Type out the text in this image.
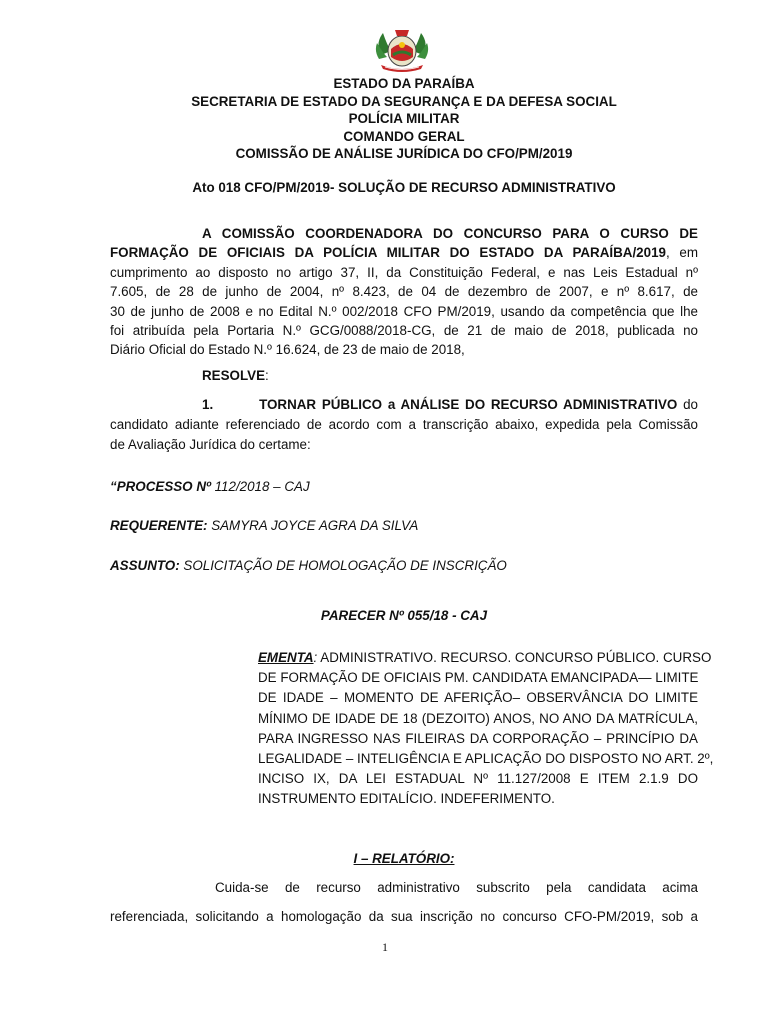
ESTADO DA PARAÍBA
SECRETARIA DE ESTADO DA SEGURANÇA E DA DEFESA SOCIAL
POLÍCIA MILITAR
COMANDO GERAL
COMISSÃO DE ANÁLISE JURÍDICA DO CFO/PM/2019
Ato 018 CFO/PM/2019- SOLUÇÃO DE RECURSO ADMINISTRATIVO
A COMISSÃO COORDENADORA DO CONCURSO PARA O CURSO DE
FORMAÇÃO DE OFICIAIS DA POLÍCIA MILITAR DO ESTADO DA PARAÍBA/2019, em
cumprimento ao disposto no artigo 37, II, da Constituição Federal, e nas Leis Estadual nº
7.605, de 28 de junho de 2004, nº 8.423, de 04 de dezembro de 2007, e nº 8.617, de
30 de junho de 2008 e no Edital N.º 002/2018 CFO PM/2019, usando da competência que lhe
foi atribuída pela Portaria N.º GCG/0088/2018-CG, de 21 de maio de 2018, publicada no
Diário Oficial do Estado N.º 16.624, de 23 de maio de 2018,
RESOLVE:
1.	TORNAR PÚBLICO a ANÁLISE DO RECURSO ADMINISTRATIVO do
candidato adiante referenciado de acordo com a transcrição abaixo, expedida pela Comissão
de Avaliação Jurídica do certame:
“PROCESSO Nº 112/2018 – CAJ
REQUERENTE: SAMYRA JOYCE AGRA DA SILVA
ASSUNTO: SOLICITAÇÃO DE HOMOLOGAÇÃO DE INSCRIÇÃO
PARECER Nº 055/18 - CAJ
EMENTA: ADMINISTRATIVO. RECURSO. CONCURSO PÚBLICO. CURSO
DE FORMAÇÃO DE OFICIAIS PM. CANDIDATA EMANCIPADA— LIMITE
DE IDADE – MOMENTO DE AFERIÇÃO– OBSERVÂNCIA DO LIMITE
MÍNIMO DE IDADE DE 18 (DEZOITO) ANOS, NO ANO DA MATRÍCULA,
PARA INGRESSO NAS FILEIRAS DA CORPORAÇÃO – PRINCÍPIO DA
LEGALIDADE – INTELIGÊNCIA E APLICAÇÃO DO DISPOSTO NO ART. 2º,
INCISO IX, DA LEI ESTADUAL Nº 11.127/2008 E ITEM 2.1.9 DO
INSTRUMENTO EDITALÍCIO. INDEFERIMENTO.
I – RELATÓRIO:
Cuida-se de recurso administrativo subscrito pela candidata acima
referenciada, solicitando a homologação da sua inscrição no concurso CFO-PM/2019, sob a
1
